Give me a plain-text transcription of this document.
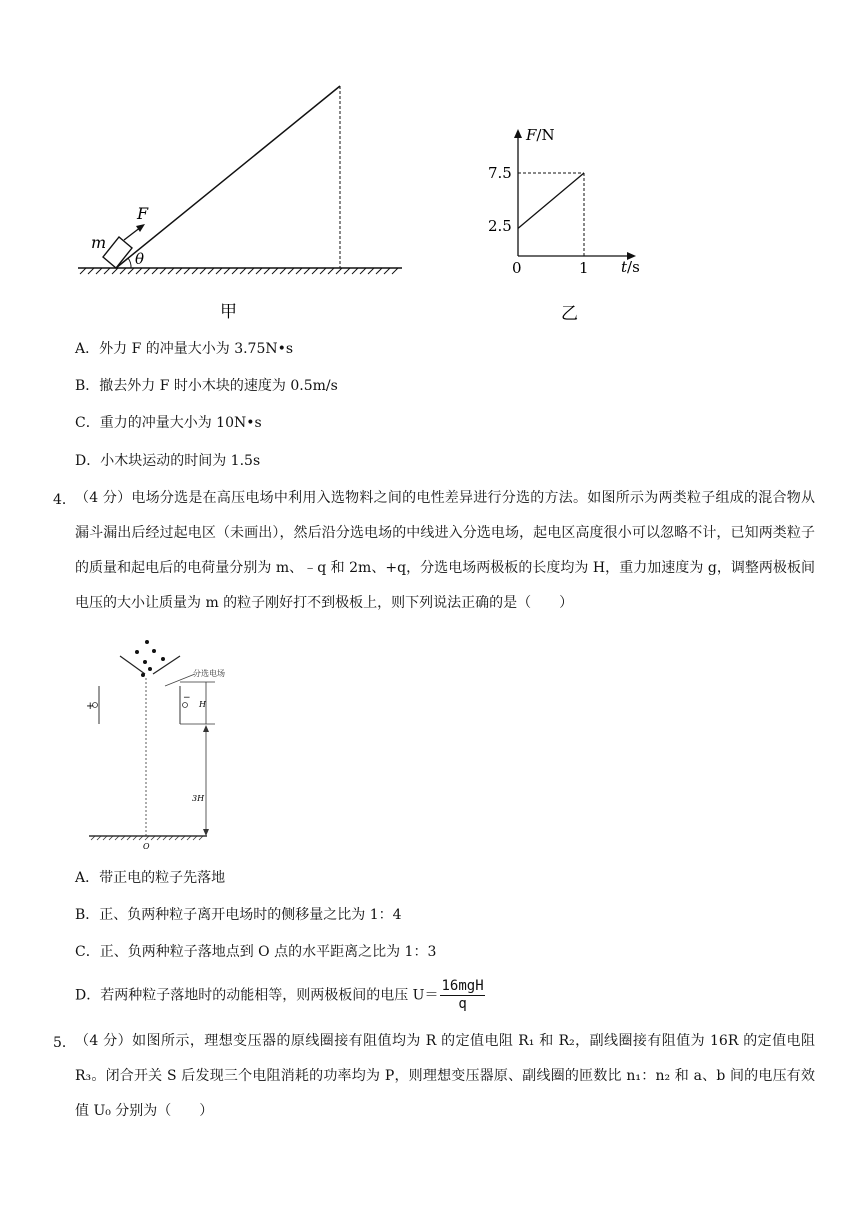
m
F
θ
甲
F/N
t/s
7.5
2.5
0	1
乙
A．外力 F 的冲量大小为 3.75N•s
B．撤去外力 F 时小木块的速度为 0.5m/s
C．重力的冲量大小为 10N•s
D．小木块运动的时间为 1.5s
4． （4 分）电场分选是在高压电场中利用入选物料之间的电性差异进行分选的方法。如图所示为两类粒子组成的混合物从漏斗漏出后经过起电区（未画出），然后沿分选电场的中线进入分选电场，起电区高度很小可以忽略不计，已知两类粒子的质量和起电后的电荷量分别为 m、﹣q 和 2m、+q，分选电场两极板的长度均为 H，重力加速度为 g，调整两极板间电压的大小让质量为 m 的粒子刚好打不到极板上，则下列说法正确的是（　　）
分选电场
+
−
H
3H
O
A．带正电的粒子先落地
B．正、负两种粒子离开电场时的侧移量之比为 1：4
C．正、负两种粒子落地点到 O 点的水平距离之比为 1：3
D．若两种粒子落地时的动能相等，则两极板间的电压 $U= \frac{\text{16mgH}}{q}$
5． （4 分）如图所示，理想变压器的原线圈接有阻值均为 R 的定值电阻 R₁ 和 R₂，副线圈接有阻值为 16R 的定值电阻 R₃。闭合开关 S 后发现三个电阻消耗的功率均为 P，则理想变压器原、副线圈的匝数比 n₁：n₂ 和 a、b 间的电压有效值 U₀ 分别为（　　）
